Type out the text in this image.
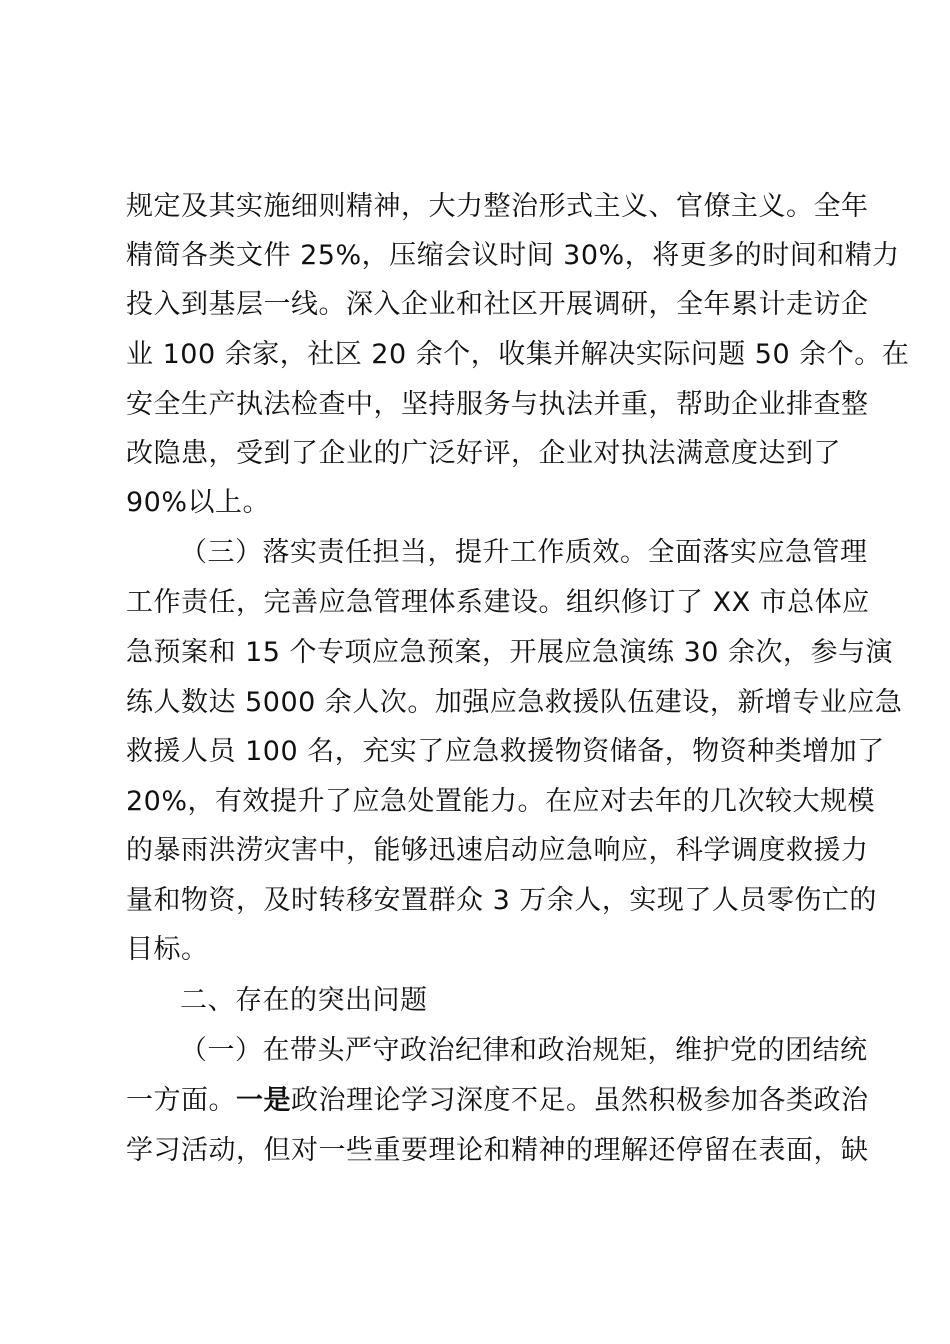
规定及其实施细则精神，大力整治形式主义、官僚主义。全年
精简各类文件 25%，压缩会议时间 30%，将更多的时间和精力
投入到基层一线。深入企业和社区开展调研，全年累计走访企
业 100 余家，社区 20 余个，收集并解决实际问题 50 余个。在
安全生产执法检查中，坚持服务与执法并重，帮助企业排查整
改隐患，受到了企业的广泛好评，企业对执法满意度达到了
90%以上。
（三）落实责任担当，提升工作质效。全面落实应急管理
工作责任，完善应急管理体系建设。组织修订了 XX 市总体应
急预案和 15 个专项应急预案，开展应急演练 30 余次，参与演
练人数达 5000 余人次。加强应急救援队伍建设，新增专业应急
救援人员 100 名，充实了应急救援物资储备，物资种类增加了
20%，有效提升了应急处置能力。在应对去年的几次较大规模
的暴雨洪涝灾害中，能够迅速启动应急响应，科学调度救援力
量和物资，及时转移安置群众 3 万余人，实现了人员零伤亡的
目标。
二、存在的突出问题
（一）在带头严守政治纪律和政治规矩，维护党的团结统
一方面。一是政治理论学习深度不足。虽然积极参加各类政治
学习活动，但对一些重要理论和精神的理解还停留在表面，缺
